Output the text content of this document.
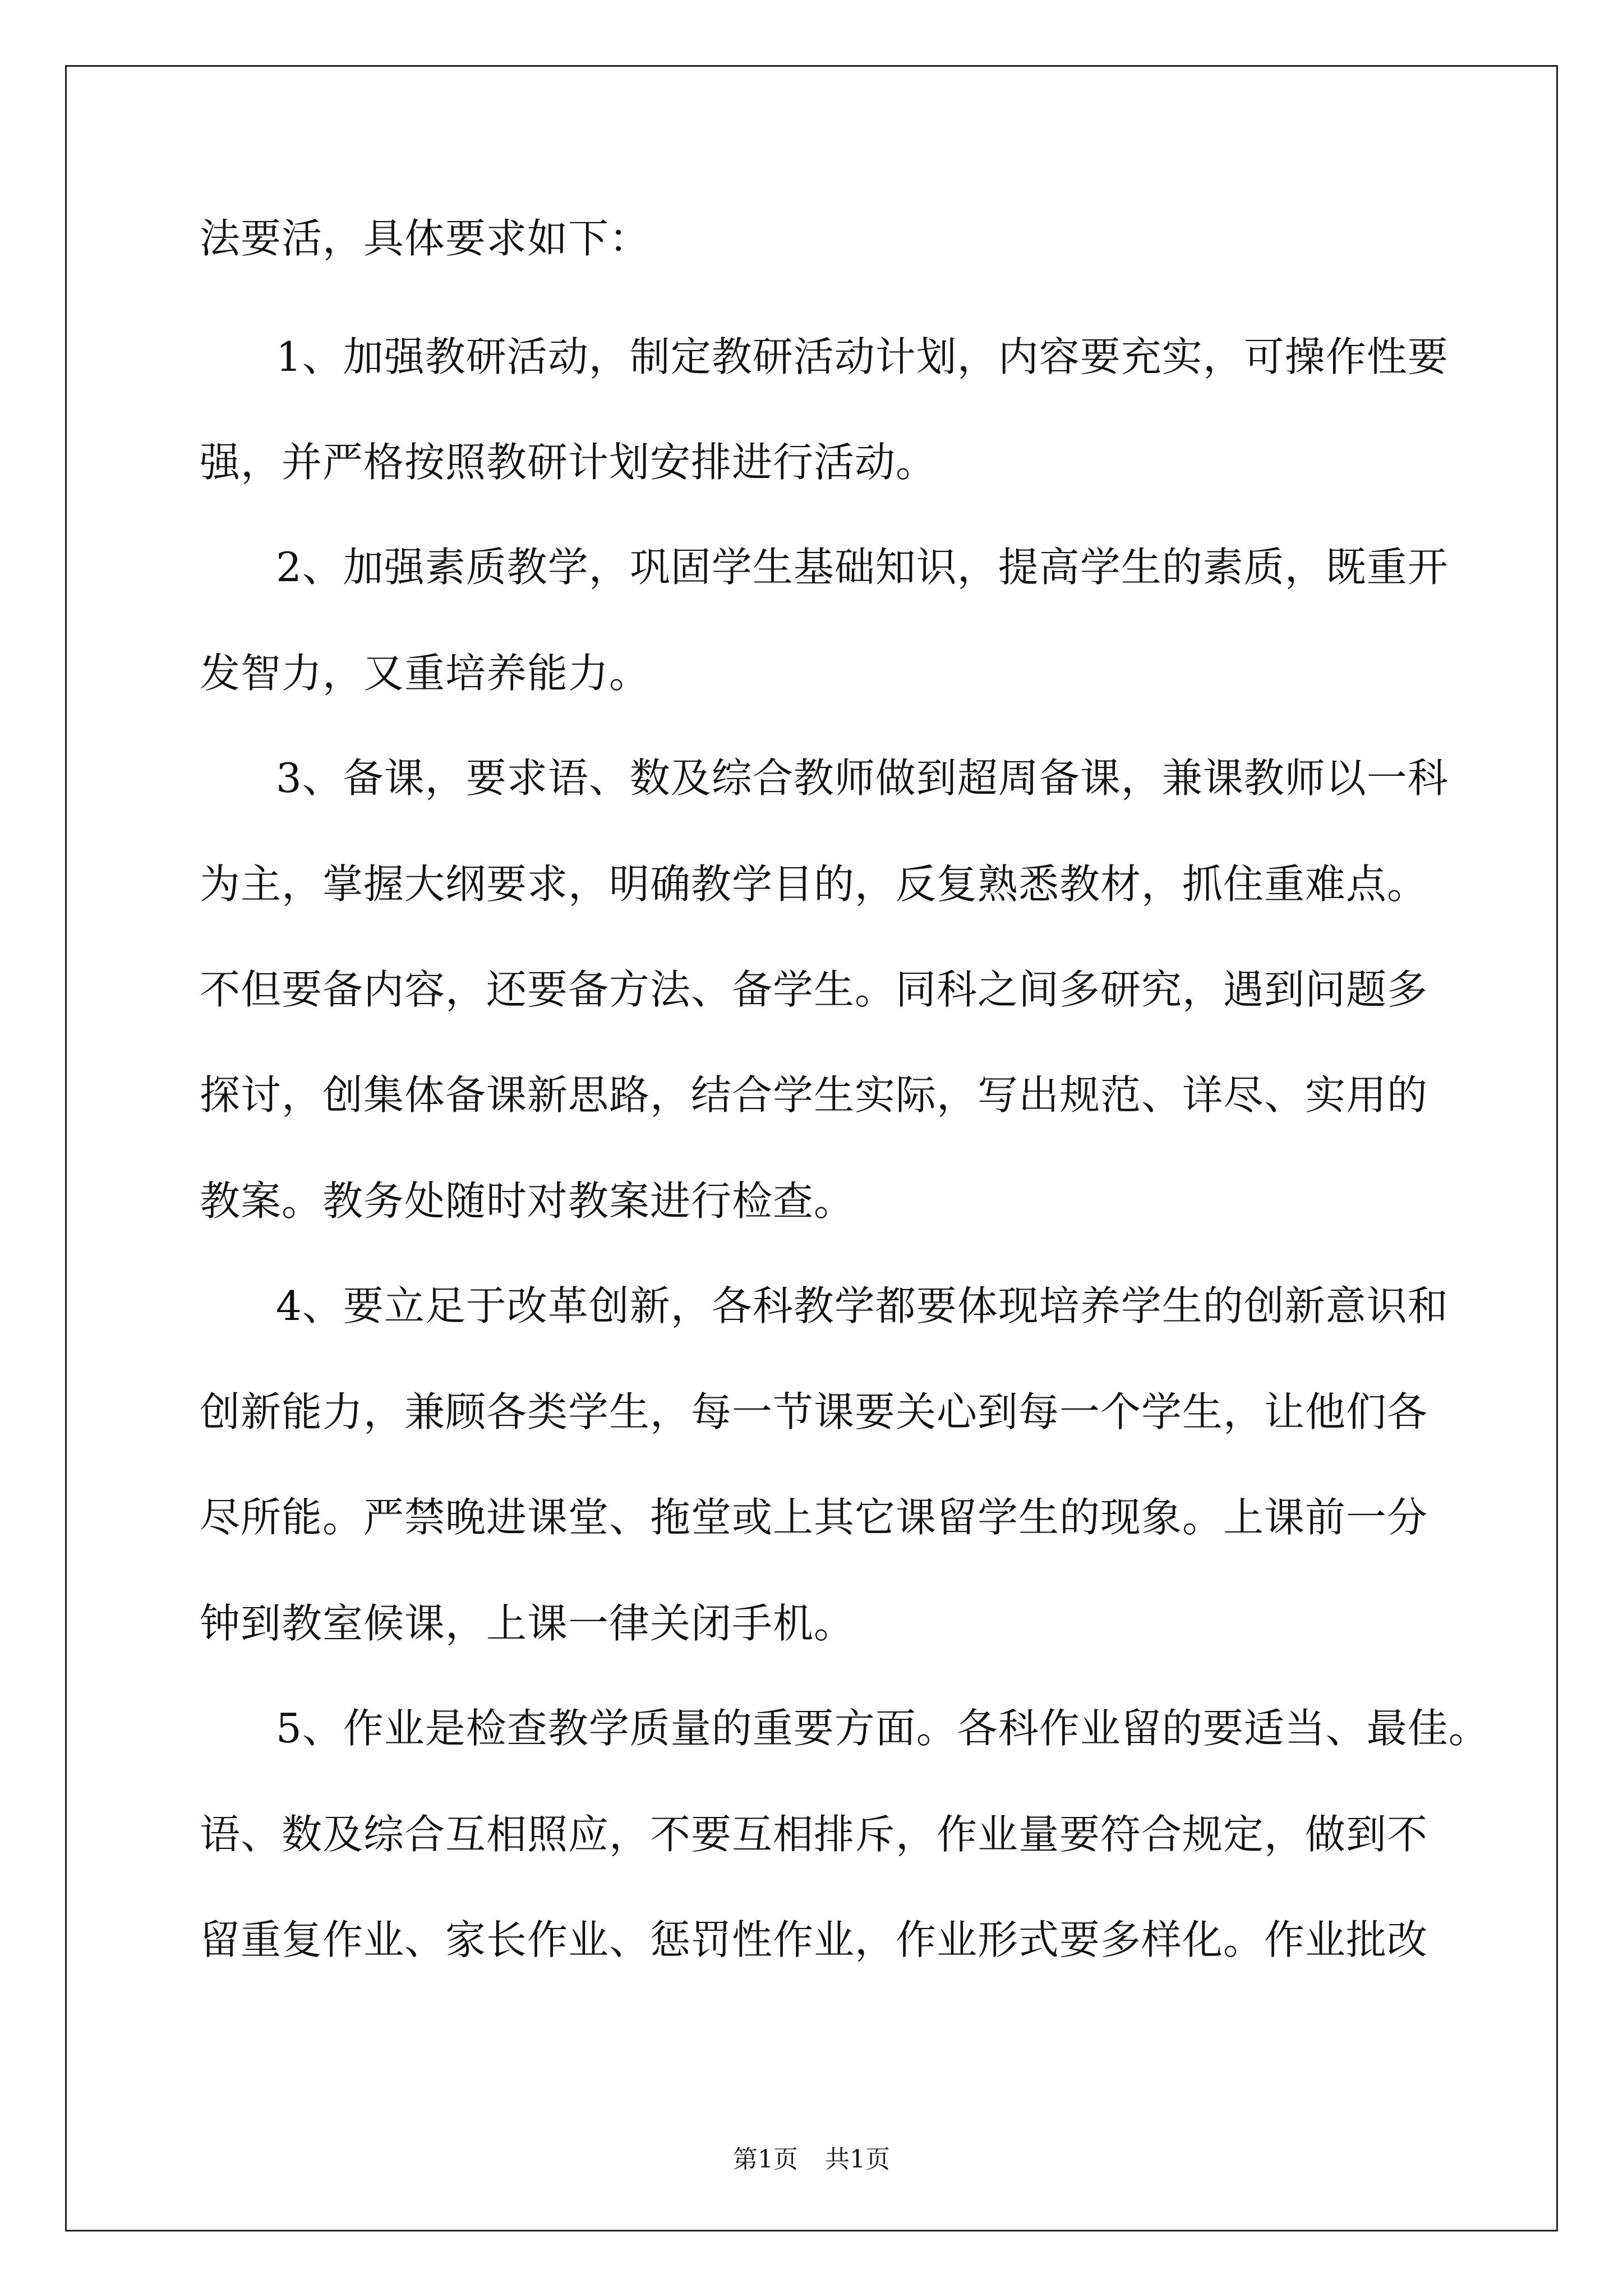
法要活，具体要求如下：
1、加强教研活动，制定教研活动计划，内容要充实，可操作性要
强，并严格按照教研计划安排进行活动。
2、加强素质教学，巩固学生基础知识，提高学生的素质，既重开
发智力，又重培养能力。
3、备课，要求语、数及综合教师做到超周备课，兼课教师以一科
为主，掌握大纲要求，明确教学目的，反复熟悉教材，抓住重难点。
不但要备内容，还要备方法、备学生。同科之间多研究，遇到问题多
探讨，创集体备课新思路，结合学生实际，写出规范、详尽、实用的
教案。教务处随时对教案进行检查。
4、要立足于改革创新，各科教学都要体现培养学生的创新意识和
创新能力，兼顾各类学生，每一节课要关心到每一个学生，让他们各
尽所能。严禁晚进课堂、拖堂或上其它课留学生的现象。上课前一分
钟到教室候课，上课一律关闭手机。
5、作业是检查教学质量的重要方面。各科作业留的要适当、最佳。
语、数及综合互相照应，不要互相排斥，作业量要符合规定，做到不
留重复作业、家长作业、惩罚性作业，作业形式要多样化。作业批改
第1页 共1页
